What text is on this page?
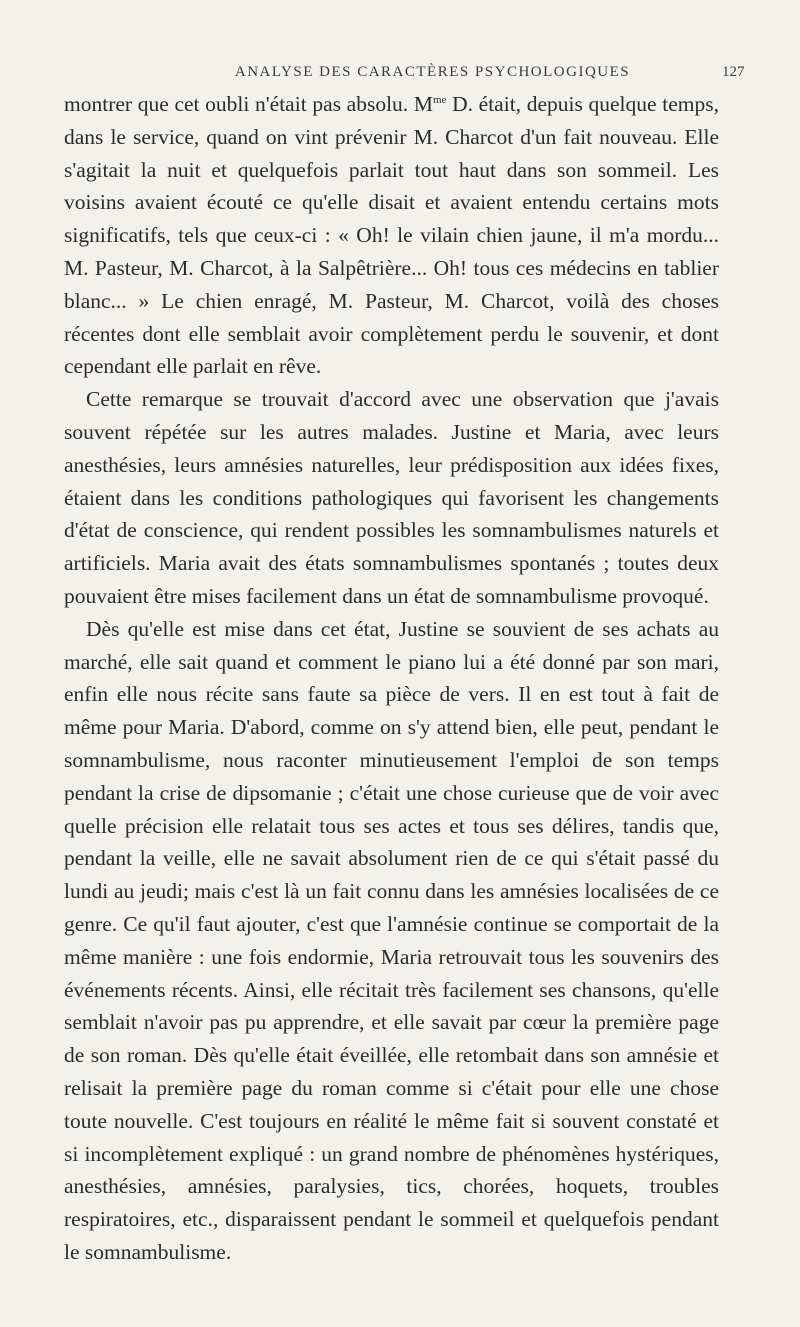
ANALYSE DES CARACTÈRES PSYCHOLOGIQUES	127

montrer que cet oubli n'était pas absolu. $M^{me}$ D. était, depuis quelque temps, dans le service, quand on vint prévenir M. Charcot d'un fait nouveau. Elle s'agitait la nuit et quelquefois parlait tout haut dans son sommeil. Les voisins avaient écouté ce qu'elle disait et avaient entendu certains mots significatifs, tels que ceux-ci : « Oh! le vilain chien jaune, il m'a mordu... M. Pasteur, M. Charcot, à la Salpêtrière... Oh! tous ces médecins en tablier blanc... » Le chien enragé, M. Pasteur, M. Charcot, voilà des choses récentes dont elle semblait avoir complètement perdu le souvenir, et dont cependant elle parlait en rêve.

Cette remarque se trouvait d'accord avec une observation que j'avais souvent répétée sur les autres malades. Justine et Maria, avec leurs anesthésies, leurs amnésies naturelles, leur prédisposition aux idées fixes, étaient dans les conditions pathologiques qui favorisent les changements d'état de conscience, qui rendent possibles les somnambulismes naturels et artificiels. Maria avait des états somnambulismes spontanés ; toutes deux pouvaient être mises facilement dans un état de somnambulisme provoqué.

Dès qu'elle est mise dans cet état, Justine se souvient de ses achats au marché, elle sait quand et comment le piano lui a été donné par son mari, enfin elle nous récite sans faute sa pièce de vers. Il en est tout à fait de même pour Maria. D'abord, comme on s'y attend bien, elle peut, pendant le somnambulisme, nous raconter minutieusement l'emploi de son temps pendant la crise de dipsomanie ; c'était une chose curieuse que de voir avec quelle précision elle relatait tous ses actes et tous ses délires, tandis que, pendant la veille, elle ne savait absolument rien de ce qui s'était passé du lundi au jeudi; mais c'est là un fait connu dans les amnésies localisées de ce genre. Ce qu'il faut ajouter, c'est que l'amnésie continue se comportait de la même manière : une fois endormie, Maria retrouvait tous les souvenirs des événements récents. Ainsi, elle récitait très facilement ses chansons, qu'elle semblait n'avoir pas pu apprendre, et elle savait par cœur la première page de son roman. Dès qu'elle était éveillée, elle retombait dans son amnésie et relisait la première page du roman comme si c'était pour elle une chose toute nouvelle. C'est toujours en réalité le même fait si souvent constaté et si incomplètement expliqué : un grand nombre de phénomènes hystériques, anesthésies, amnésies, paralysies, tics, chorées, hoquets, troubles respiratoires, etc., disparaissent pendant le sommeil et quelquefois pendant le somnambulisme.
